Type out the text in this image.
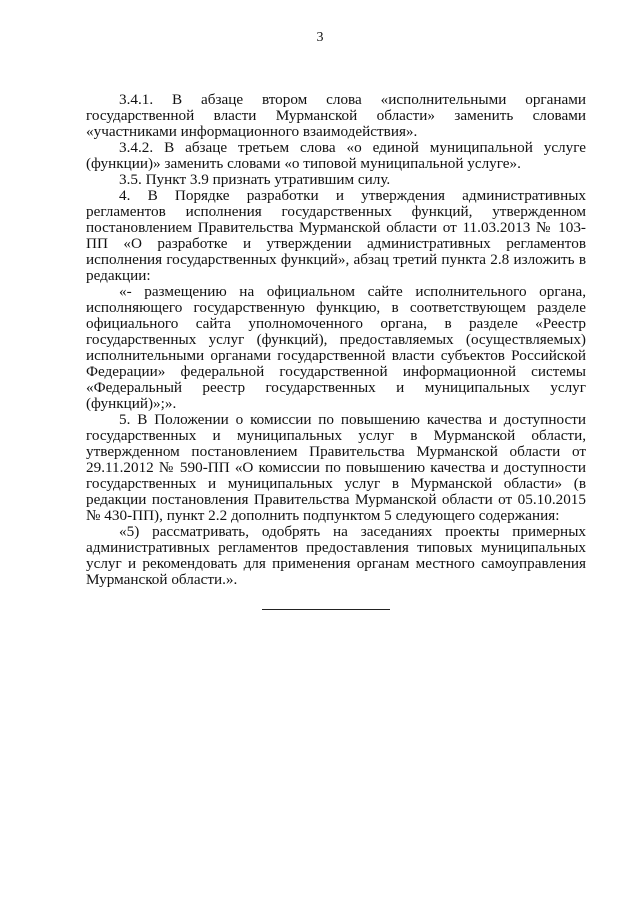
3

3.4.1. В абзаце втором слова «исполнительными органами государственной власти Мурманской области» заменить словами «участниками информационного взаимодействия».

3.4.2. В абзаце третьем слова «о единой муниципальной услуге (функции)» заменить словами «о типовой муниципальной услуге».

3.5. Пункт 3.9 признать утратившим силу.

4. В Порядке разработки и утверждения административных регламентов исполнения государственных функций, утвержденном постановлением Правительства Мурманской области от 11.03.2013 № 103-ПП «О разработке и утверждении административных регламентов исполнения государственных функций», абзац третий пункта 2.8 изложить в редакции:

«- размещению на официальном сайте исполнительного органа, исполняющего государственную функцию, в соответствующем разделе официального сайта уполномоченного органа, в разделе «Реестр государственных услуг (функций), предоставляемых (осуществляемых) исполнительными органами государственной власти субъектов Российской Федерации» федеральной государственной информационной системы «Федеральный реестр государственных и муниципальных услуг (функций)»;».

5. В Положении о комиссии по повышению качества и доступности государственных и муниципальных услуг в Мурманской области, утвержденном постановлением Правительства Мурманской области от 29.11.2012 № 590-ПП «О комиссии по повышению качества и доступности государственных и муниципальных услуг в Мурманской области» (в редакции постановления Правительства Мурманской области от 05.10.2015 № 430-ПП), пункт 2.2 дополнить подпунктом 5 следующего содержания:

«5) рассматривать, одобрять на заседаниях проекты примерных административных регламентов предоставления типовых муниципальных услуг и рекомендовать для применения органам местного самоуправления Мурманской области.».
